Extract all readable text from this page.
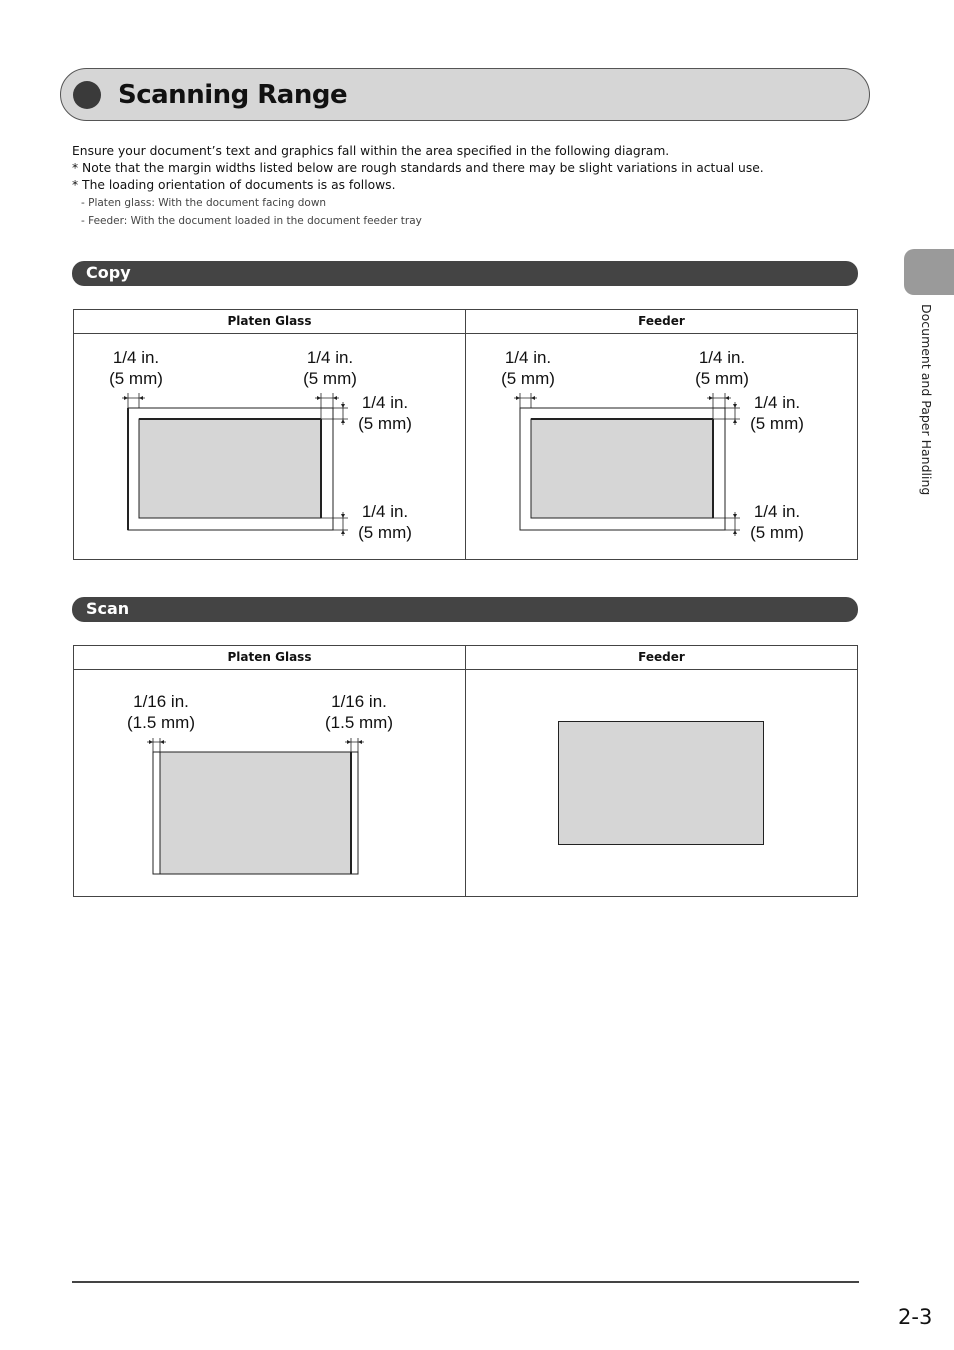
Scanning Range
Ensure your document’s text and graphics fall within the area specified in the following diagram.
* Note that the margin widths listed below are rough standards and there may be slight variations in actual use.
* The loading orientation of documents is as follows.
- Platen glass: With the document facing down
- Feeder: With the document loaded in the document feeder tray
Document and Paper Handling
Copy
Platen Glass	Feeder
1/4 in.
(5 mm)
1/4 in.
(5 mm)
1/4 in.
(5 mm)
1/4 in.
(5 mm)
1/4 in.
(5 mm)
1/4 in.
(5 mm)
1/4 in.
(5 mm)
1/4 in.
(5 mm)
Scan
Platen Glass	Feeder
1/16 in.
(1.5 mm)
1/16 in.
(1.5 mm)
2-3
